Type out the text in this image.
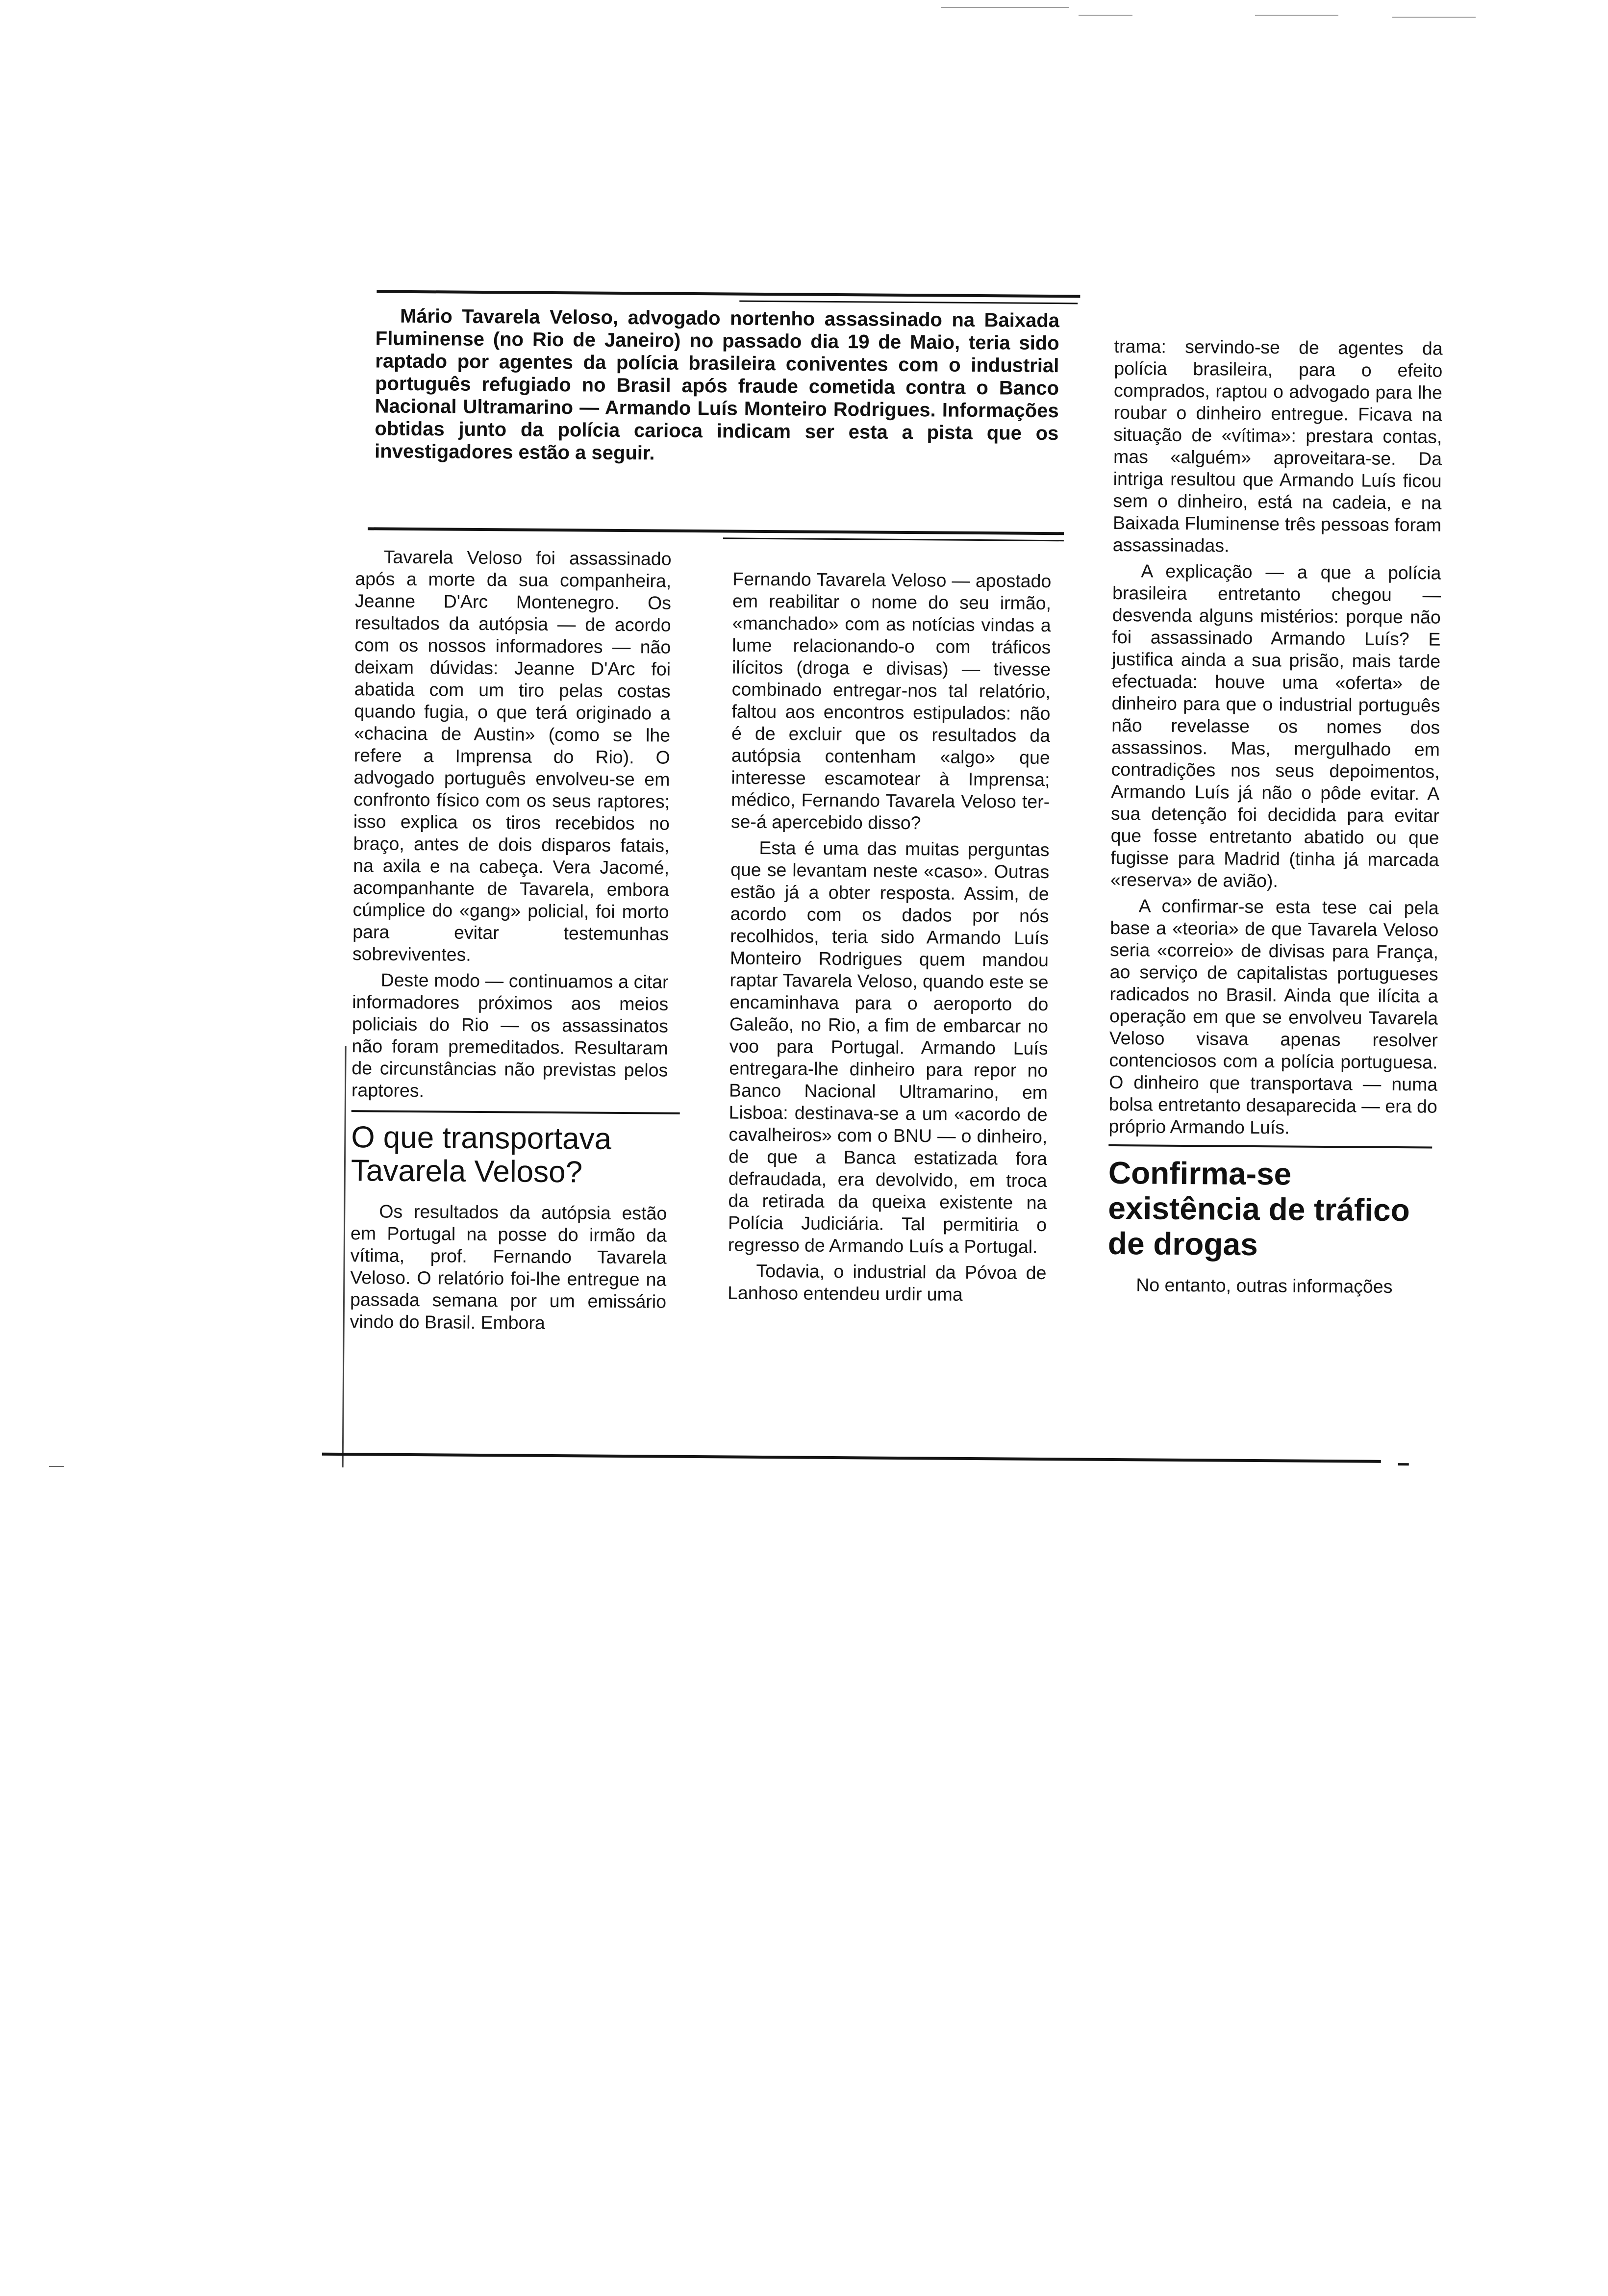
Mário Tavarela Veloso, advogado nortenho assassinado na Baixada Fluminense (no Rio de Janeiro) no passado dia 19 de Maio, teria sido raptado por agentes da polícia brasileira coniventes com o industrial português refugiado no Brasil após fraude cometida contra o Banco Nacional Ultramarino — Armando Luís Monteiro Rodrigues. Informações obtidas junto da polícia carioca indicam ser esta a pista que os investigadores estão a seguir.

Tavarela Veloso foi assassinado após a morte da sua companheira, Jeanne D'Arc Montenegro. Os resultados da autópsia — de acordo com os nossos informadores — não deixam dúvidas: Jeanne D'Arc foi abatida com um tiro pelas costas quando fugia, o que terá originado a «chacina de Austin» (como se lhe refere a Imprensa do Rio). O advogado português envolveu-se em confronto físico com os seus raptores; isso explica os tiros recebidos no braço, antes de dois disparos fatais, na axila e na cabeça. Vera Jacomé, acompanhante de Tavarela, embora cúmplice do «gang» policial, foi morto para evitar testemunhas sobreviventes.

Deste modo — continuamos a citar informadores próximos aos meios policiais do Rio — os assassinatos não foram premeditados. Resultaram de circunstâncias não previstas pelos raptores.

O que transportava Tavarela Veloso?

Os resultados da autópsia estão em Portugal na posse do irmão da vítima, prof. Fernando Tavarela Veloso. O relatório foi-lhe entregue na passada semana por um emissário vindo do Brasil. Embora

Fernando Tavarela Veloso — apostado em reabilitar o nome do seu irmão, «manchado» com as notícias vindas a lume relacionando-o com tráficos ilícitos (droga e divisas) — tivesse combinado entregar-nos tal relatório, faltou aos encontros estipulados: não é de excluir que os resultados da autópsia contenham «algo» que interesse escamotear à Imprensa; médico, Fernando Tavarela Veloso ter-se-á apercebido disso?

Esta é uma das muitas perguntas que se levantam neste «caso». Outras estão já a obter resposta. Assim, de acordo com os dados por nós recolhidos, teria sido Armando Luís Monteiro Rodrigues quem mandou raptar Tavarela Veloso, quando este se encaminhava para o aeroporto do Galeão, no Rio, a fim de embarcar no voo para Portugal. Armando Luís entregara-lhe dinheiro para repor no Banco Nacional Ultramarino, em Lisboa: destinava-se a um «acordo de cavalheiros» com o BNU — o dinheiro, de que a Banca estatizada fora defraudada, era devolvido, em troca da retirada da queixa existente na Polícia Judiciária. Tal permitiria o regresso de Armando Luís a Portugal.

Todavia, o industrial da Póvoa de Lanhoso entendeu urdir uma

trama: servindo-se de agentes da polícia brasileira, para o efeito comprados, raptou o advogado para lhe roubar o dinheiro entregue. Ficava na situação de «vítima»: prestara contas, mas «alguém» aproveitara-se. Da intriga resultou que Armando Luís ficou sem o dinheiro, está na cadeia, e na Baixada Fluminense três pessoas foram assassinadas.

A explicação — a que a polícia brasileira entretanto chegou — desvenda alguns mistérios: porque não foi assassinado Armando Luís? E justifica ainda a sua prisão, mais tarde efectuada: houve uma «oferta» de dinheiro para que o industrial português não revelasse os nomes dos assassinos. Mas, mergulhado em contradições nos seus depoimentos, Armando Luís já não o pôde evitar. A sua detenção foi decidida para evitar que fosse entretanto abatido ou que fugisse para Madrid (tinha já marcada «reserva» de avião).

A confirmar-se esta tese cai pela base a «teoria» de que Tavarela Veloso seria «correio» de divisas para França, ao serviço de capitalistas portugueses radicados no Brasil. Ainda que ilícita a operação em que se envolveu Tavarela Veloso visava apenas resolver contenciosos com a polícia portuguesa. O dinheiro que transportava — numa bolsa entretanto desaparecida — era do próprio Armando Luís.

Confirma-se existência de tráfico de drogas

No entanto, outras informações
